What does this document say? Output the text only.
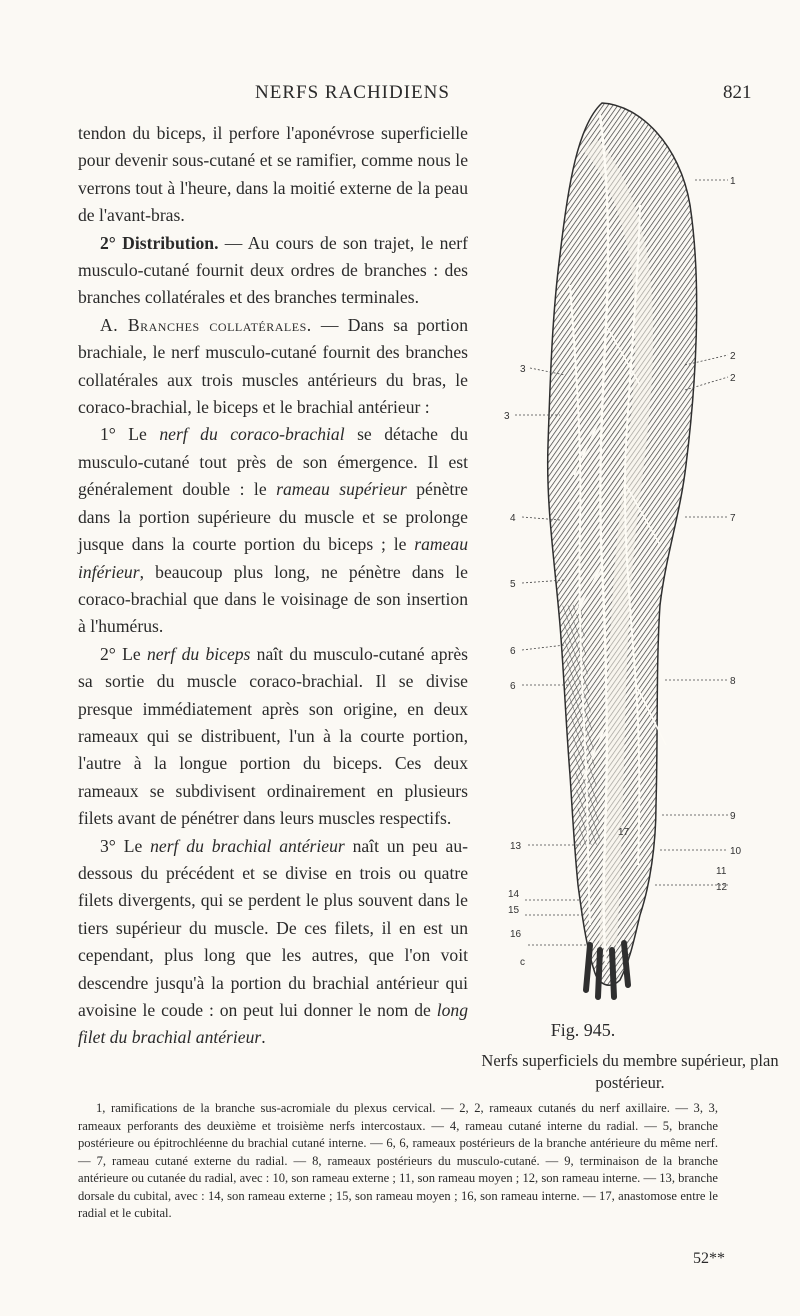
NERFS RACHIDIENS	821

tendon du biceps, il perfore l'aponévrose superficielle pour devenir sous-cutané et se ramifier, comme nous le verrons tout à l'heure, dans la moitié externe de la peau de l'avant-bras.

2° Distribution. — Au cours de son trajet, le nerf musculo-cutané fournit deux ordres de branches : des branches collatérales et des branches terminales.

A. Branches collatérales. — Dans sa portion brachiale, le nerf musculo-cutané fournit des branches collatérales aux trois muscles antérieurs du bras, le coraco-brachial, le biceps et le brachial antérieur :

1° Le nerf du coraco-brachial se détache du musculo-cutané tout près de son émergence. Il est généralement double : le rameau supérieur pénètre dans la portion supérieure du muscle et se prolonge jusque dans la courte portion du biceps ; le rameau inférieur, beaucoup plus long, ne pénètre dans le coraco-brachial que dans le voisinage de son insertion à l'humérus.

2° Le nerf du biceps naît du musculo-cutané après sa sortie du muscle coraco-brachial. Il se divise presque immédiatement après son origine, en deux rameaux qui se distribuent, l'un à la courte portion, l'autre à la longue portion du biceps. Ces deux rameaux se subdivisent ordinairement en plusieurs filets avant de pénétrer dans leurs muscles respectifs.

3° Le nerf du brachial antérieur naît un peu au-dessous du précédent et se divise en trois ou quatre filets divergents, qui se perdent le plus souvent dans le tiers supérieur du muscle. De ces filets, il en est un cependant, plus long que les autres, que l'on voit descendre jusqu'à la portion du brachial antérieur qui avoisine le coude : on peut lui donner le nom de long filet du brachial antérieur.

1
3
2
2
3
7
4
5
6
6	8
9
10
13
11
12
17
14
15
16
c
Fig. 945.
Nerfs superficiels du membre supérieur, plan postérieur.
1, ramifications de la branche sus-acromiale du plexus cervical. — 2, 2, rameaux cutanés du nerf axillaire. — 3, 3, rameaux perforants des deuxième et troisième nerfs intercostaux. — 4, rameau cutané interne du radial. — 5, branche postérieure ou épitrochléenne du brachial cutané interne. — 6, 6, rameaux postérieurs de la branche antérieure du même nerf. — 7, rameau cutané externe du radial. — 8, rameaux postérieurs du musculo-cutané. — 9, terminaison de la branche antérieure ou cutanée du radial, avec : 10, son rameau externe ; 11, son rameau moyen ; 12, son rameau interne. — 13, branche dorsale du cubital, avec : 14, son rameau externe ; 15, son rameau moyen ; 16, son rameau interne. — 17, anastomose entre le radial et le cubital.
52**
